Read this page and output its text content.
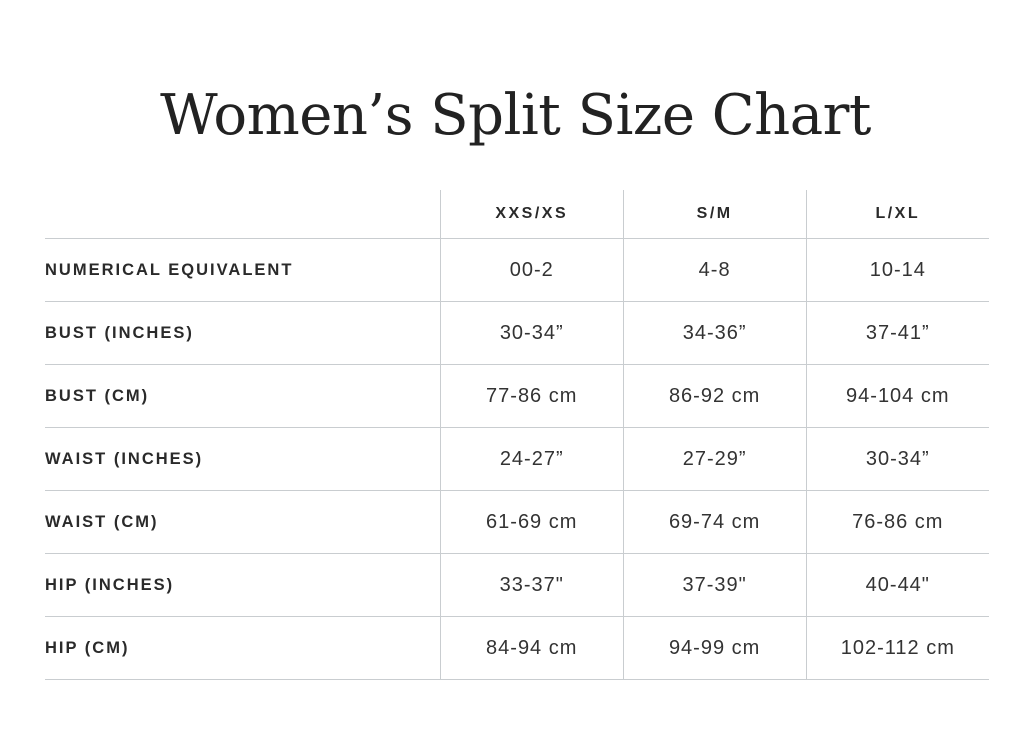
Women’s Split Size Chart
	XXS/XS	S/M	L/XL
NUMERICAL EQUIVALENT	00-2	4-8	10-14
BUST (INCHES)	30-34”	34-36”	37-41”
BUST (CM)	77-86 cm	86-92 cm	94-104 cm
WAIST (INCHES)	24-27”	27-29”	30-34”
WAIST (CM)	61-69 cm	69-74 cm	76-86 cm
HIP (INCHES)	33-37"	37-39"	40-44"
HIP (CM)	84-94 cm	94-99 cm	102-112 cm
